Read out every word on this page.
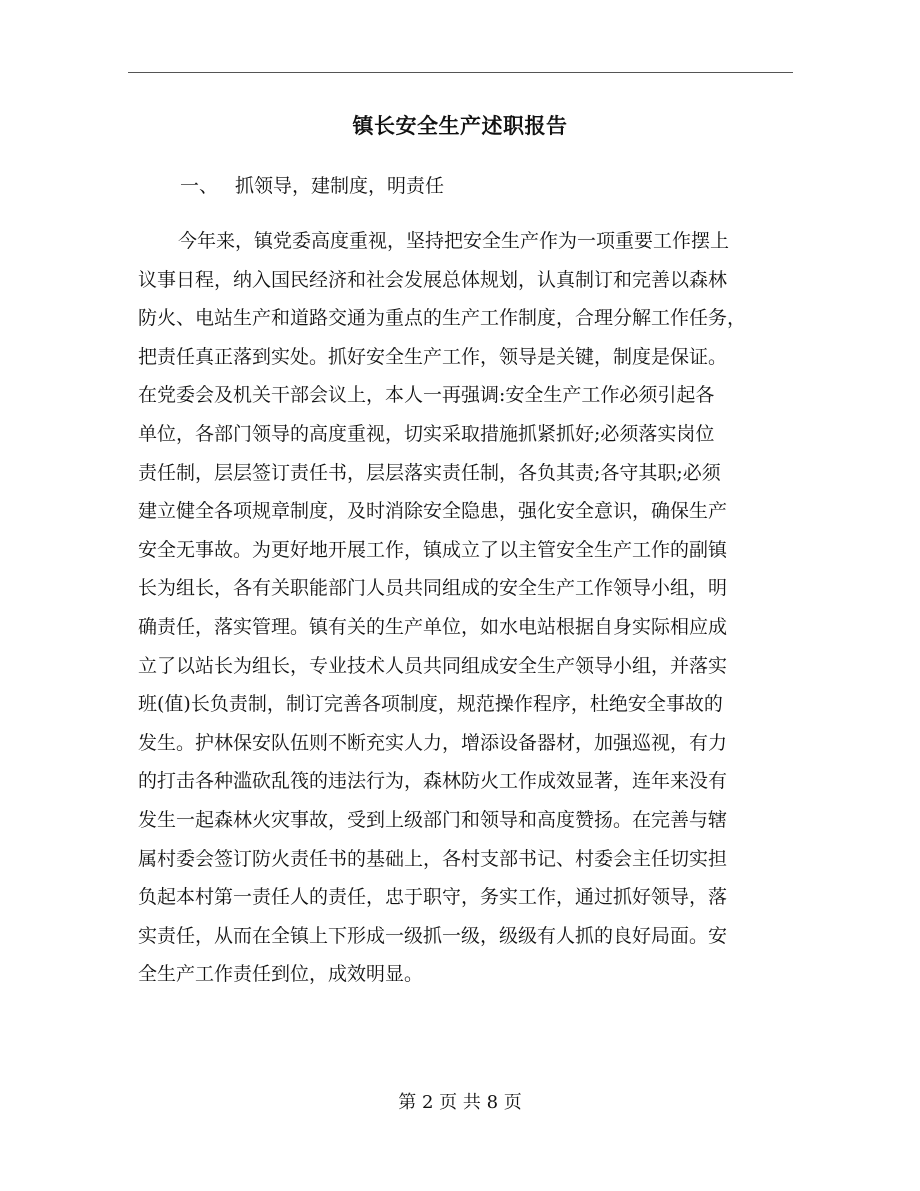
镇长安全生产述职报告
一、 抓领导，建制度，明责任
今年来，镇党委高度重视，坚持把安全生产作为一项重要工作摆上
议事日程，纳入国民经济和社会发展总体规划，认真制订和完善以森林
防火、电站生产和道路交通为重点的生产工作制度，合理分解工作任务，
把责任真正落到实处。抓好安全生产工作，领导是关键，制度是保证。
在党委会及机关干部会议上，本人一再强调:安全生产工作必须引起各
单位，各部门领导的高度重视，切实采取措施抓紧抓好;必须落实岗位
责任制，层层签订责任书，层层落实责任制，各负其责;各守其职;必须
建立健全各项规章制度，及时消除安全隐患，强化安全意识，确保生产
安全无事故。为更好地开展工作，镇成立了以主管安全生产工作的副镇
长为组长，各有关职能部门人员共同组成的安全生产工作领导小组，明
确责任，落实管理。镇有关的生产单位，如水电站根据自身实际相应成
立了以站长为组长，专业技术人员共同组成安全生产领导小组，并落实
班(值)长负责制，制订完善各项制度，规范操作程序，杜绝安全事故的
发生。护林保安队伍则不断充实人力，增添设备器材，加强巡视，有力
的打击各种滥砍乱筏的违法行为，森林防火工作成效显著，连年来没有
发生一起森林火灾事故，受到上级部门和领导和高度赞扬。在完善与辖
属村委会签订防火责任书的基础上，各村支部书记、村委会主任切实担
负起本村第一责任人的责任，忠于职守，务实工作，通过抓好领导，落
实责任，从而在全镇上下形成一级抓一级，级级有人抓的良好局面。安
全生产工作责任到位，成效明显。
第 2 页 共 8 页
